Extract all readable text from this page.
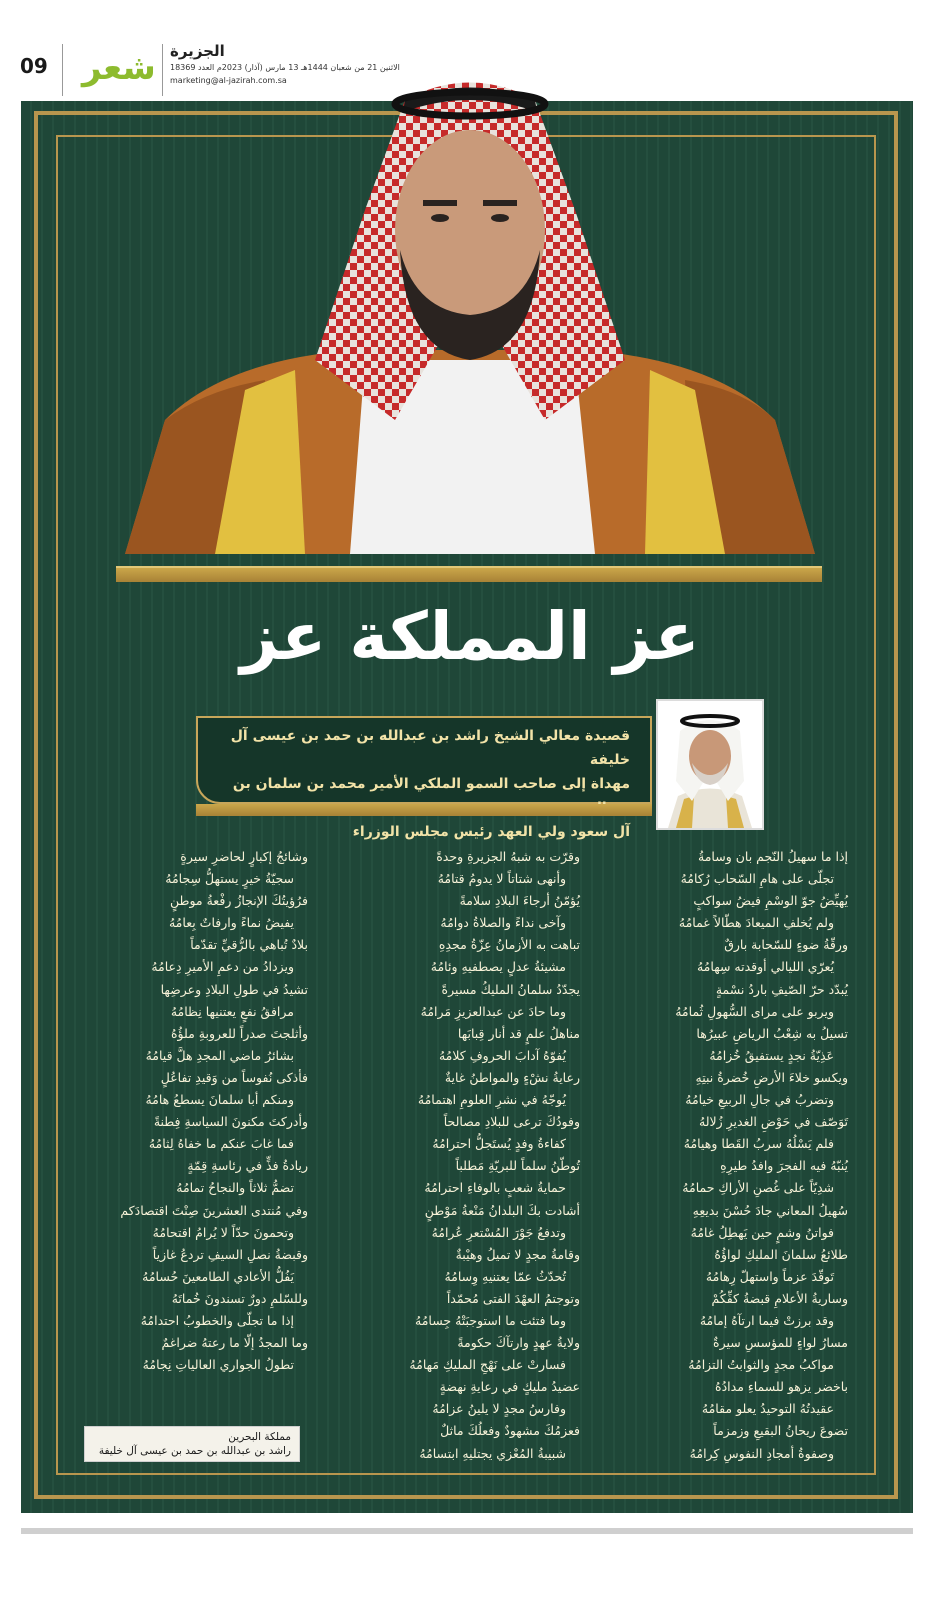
09 شعر الجزيرة
الاثنين 21 من شعبان 1444هـ 13 مارس (آذار) 2023م العدد 18369
marketing@al-jazirah.com.sa
عز المملكة عز
قصيدة معالي الشيخ راشد بن عبدالله بن حمد بن عيسى آل خليفة
مهداة إلى صاحب السمو الملكي الأمير محمد بن سلمان بن
آل سعود ولي العهد رئيس مجلس الوزراء

إذا ما سهيلُ النّجم بان وسامةُ

تجلّى على هامِ السّحاب رُكامُهُ

يُهيِّضُ جوّ الوسْمِ فيضُ سواكبٍ

ولم يُخلفِ الميعادَ هطّالاً غمامُهُ

ورقّةُ ضوءٍ للسّحابة بارقٌ

يُعرّي الليالي أوقدته سِهامُهُ

يُبدّد حرّ الصّيفِ باردُ نسْمةٍ

ويربو على مراى السُّهولِ ثُمامُهُ

تسيلُ به شِعْبُ الرياضِ عبيرُها

عَذِيّةُ نجدٍ يستفيقُ خُزامُهُ

ويكسو خلاءَ الأرضِ خُضرةُ نبتِهِ

وتضربُ في جالِ الربيعِ خيامُهُ

تَوَصّف في حَوْضِ الغديرِ زُلالهُ

فلم يَسْلُهُ سربُ القَطا وهيامُهُ

يُنبّهُ فيه الفجرَ وافدُ طيرِهِ

شدِيّاً على غُصنِ الأراكِ حمامُهُ

سُهيلُ المعاني جادَ حُسْنَ بديعِهِ

فواتنُ وشمٍ حين يَهطِلُ غامُهُ

طلائعُ سلمانَ المليكِ لواؤُهُ

تَوقّدَ عزماً واستهلّ رِهامُهُ

وساريةُ الأعلامِ قبضةُ كفِّكُمْ

وقد برزتْ فيما ارتآهُ إمامُهُ

مسارُ لواءٍ للمؤسسِ سيرةٌ

مواكبُ مجدٍ والثوابتُ التزامُهُ

باخضر يزهو للسماءِ مدادُهُ

عقيدتُهُ التوحيدُ يعلو مقامُهُ

تضوعَ ريحانُ البقيعِ وزمزماً

وصفوةُ أمجادِ النفوسِ كِرامُهُ

وقرّت به شبهُ الجزيرةِ وحدةً

وأنهى شتاتاً لا يدومُ قتامُهُ

يُؤمّنُ أرجاءَ البلادِ سلامةً

وآخى نداءً والصلاةُ دوامُهُ

تباهت به الأزمانُ عِزّةُ مجدِهِ

مشيئةُ عدلٍ يصطفيهِ وئامُهُ

يجدّدُ سلمانُ المليكُ مسيرةً

وما حادَ عن عبدالعزيزِ مَرامُهُ

مناهلُ علمٍ قد أنار قِبابَها

يُفوّهُ آدابَ الحروفِ كلامُهُ

رعايةُ نشْءٍ والمواطنُ غايةٌ

يُوجّهُ في نشرِ العلومِ اهتمامُهُ

وفودُكَ ترعى للبلادِ مصالحاً

كفاءةُ وفدٍ يُستَجلُّ احترامُهُ

تُوطّنُ سلماً للبريّةِ مَطلباً

حمايةُ شعبٍ بالوفاءِ احترامُهُ

أشادت بكَ البلدانُ مَنْعةُ مَوْطنٍ

وتدفعُ جَوْرَ المُسْتعرِ عُرامُهُ

وقامةُ مجدٍ لا تميلُ وهيْبةٌ

تُحدّثُ عمّا يعتنيهِ وِسامُهُ

وتوجتمُ العهْدَ الفتى مُحمّداً

وما فتئت ما استوجبَتْهُ جِسامُهُ

ولايةُ عهدٍ وارتآكَ حكومةً

فسارتْ على نَهْجِ المليكِ مَهامُهُ

عضيدُ مليكٍ في رعايةِ نهضةٍ

وفارسُ مجدٍ لا يلينُ عزامُهُ

فعزمُكَ مشهودٌ وفعلُكَ ماثلٌ

شبيبةُ المُعْزي يجتليهِ ابتسامُهُ

وشائجُ إكبارٍ لحاضرِ سيرةٍ

سجيّةُ خيرٍ يستهلُّ سِجامُهُ

فرُؤيتُكَ الإنجازُ رفْعةُ موطنٍ

يفيضُ نماءً وارفاتٌ بِعامُهُ

بلادٌ تُباهي بالرُّقيِّ تقدّماً

ويزدادُ من دعمِ الأميرِ دِعامُهُ

تشيدُ في طولِ البلادِ وعرضِها

مرافقُ نفعٍ يعتنيها نِظامُهُ

وأثلجتَ صدراً للعروبةِ ملؤُهُ

بشائرُ ماضي المجدِ هلَّ قيامُهُ

فأذكى نُفوساً من وَقيدِ تفاعُلٍ

ومنكم أبا سلمانَ يسطعُ هامُهُ

وأدركتَ مكنونَ السياسةِ فِطنةً

فما غابَ عنكم ما خفاهُ لِثامُهُ

ريادةُ فذٍّ في رئاسةِ قِمّةٍ

تضمُّ ثلاثاً والنجاحُ تمامُهُ

وفي مُنتدى العشرينَ صِنْتَ اقتصادَكم

وتحمونَ حدّاً لا يُرامُ اقتحامُهُ

وقبضةُ نصلِ السيفِ تردعُ غازياً

يَفُلُّ الأعادي الطامعينَ حُسامُهُ

وللسّلمِ دورٌ تسندونَ خُماتَهُ

إذا ما تجلّى والخطوبُ احتدامُهُ

وما المجدُ إلّا ما رعتهُ ضراغمٌ

تطولُ الجواري العالياتِ نِجامُهُ

مملكة البحرين
راشد بن عبدالله بن حمد بن عيسى آل خليفة
